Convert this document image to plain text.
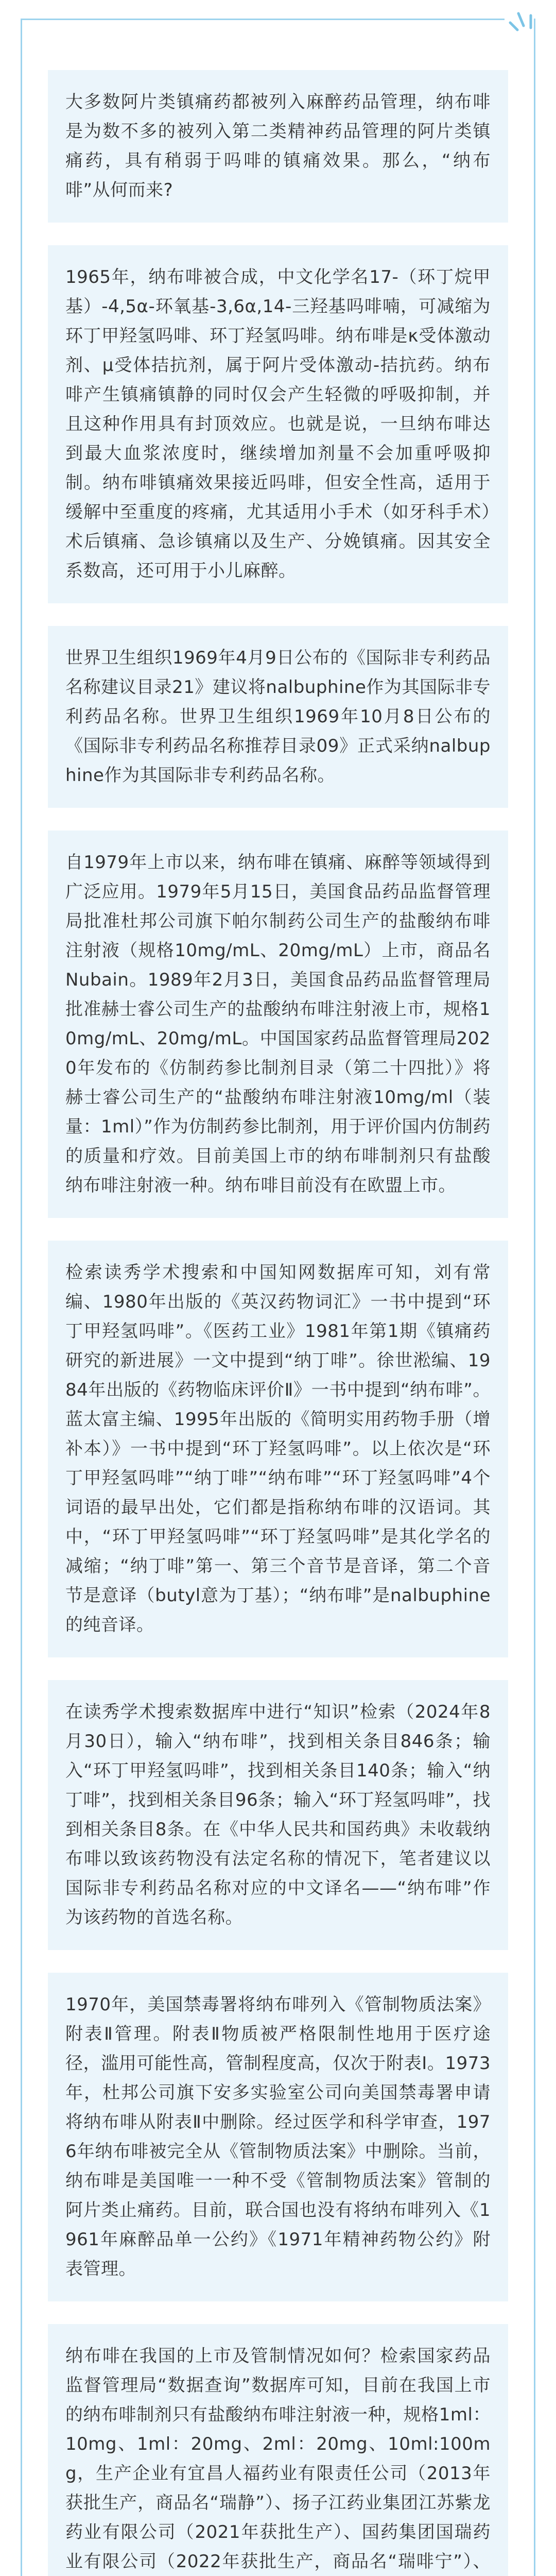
大多数阿片类镇痛药都被列入麻醉药品管理，纳布啡是为数不多的被列入第二类精神药品管理的阿片类镇痛药，具有稍弱于吗啡的镇痛效果。那么，“纳布啡”从何而来?

1965年，纳布啡被合成，中文化学名17-（环丁烷甲基）-4,5α-环氧基-3,6α,14-三羟基吗啡喃，可减缩为环丁甲羟氢吗啡、环丁羟氢吗啡。纳布啡是κ受体激动剂、μ受体拮抗剂，属于阿片受体激动-拮抗药。纳布啡产生镇痛镇静的同时仅会产生轻微的呼吸抑制，并且这种作用具有封顶效应。也就是说，一旦纳布啡达到最大血浆浓度时，继续增加剂量不会加重呼吸抑制。纳布啡镇痛效果接近吗啡，但安全性高，适用于缓解中至重度的疼痛，尤其适用小手术（如牙科手术）术后镇痛、急诊镇痛以及生产、分娩镇痛。因其安全系数高，还可用于小儿麻醉。

世界卫生组织1969年4月9日公布的《国际非专利药品名称建议目录21》建议将nalbuphine作为其国际非专利药品名称。世界卫生组织1969年10月8日公布的《国际非专利药品名称推荐目录09》正式采纳nalbuphine作为其国际非专利药品名称。

自1979年上市以来，纳布啡在镇痛、麻醉等领域得到广泛应用。1979年5月15日，美国食品药品监督管理局批准杜邦公司旗下帕尔制药公司生产的盐酸纳布啡注射液（规格10mg/mL、20mg/mL）上市，商品名Nubain。1989年2月3日，美国食品药品监督管理局批准赫士睿公司生产的盐酸纳布啡注射液上市，规格10mg/mL、20mg/mL。中国国家药品监督管理局2020年发布的《仿制药参比制剂目录（第二十四批）》将赫士睿公司生产的“盐酸纳布啡注射液10mg/ml（装量：1ml）”作为仿制药参比制剂，用于评价国内仿制药的质量和疗效。目前美国上市的纳布啡制剂只有盐酸纳布啡注射液一种。纳布啡目前没有在欧盟上市。

检索读秀学术搜索和中国知网数据库可知，刘有常编、1980年出版的《英汉药物词汇》一书中提到“环丁甲羟氢吗啡”。《医药工业》1981年第1期《镇痛药研究的新进展》一文中提到“纳丁啡”。徐世淞编、1984年出版的《药物临床评价Ⅱ》一书中提到“纳布啡”。蓝太富主编、1995年出版的《简明实用药物手册（增补本）》一书中提到“环丁羟氢吗啡”。以上依次是“环丁甲羟氢吗啡”“纳丁啡”“纳布啡”“环丁羟氢吗啡”4个词语的最早出处，它们都是指称纳布啡的汉语词。其中，“环丁甲羟氢吗啡”“环丁羟氢吗啡”是其化学名的减缩；“纳丁啡”第一、第三个音节是音译，第二个音节是意译（butyl意为丁基）；“纳布啡”是nalbuphine的纯音译。

在读秀学术搜索数据库中进行“知识”检索（2024年8月30日），输入“纳布啡”，找到相关条目846条；输入“环丁甲羟氢吗啡”，找到相关条目140条；输入“纳丁啡”，找到相关条目96条；输入“环丁羟氢吗啡”，找到相关条目8条。在《中华人民共和国药典》未收载纳布啡以致该药物没有法定名称的情况下，笔者建议以国际非专利药品名称对应的中文译名——“纳布啡”作为该药物的首选名称。

1970年，美国禁毒署将纳布啡列入《管制物质法案》附表Ⅱ管理。附表Ⅱ物质被严格限制性地用于医疗途径，滥用可能性高，管制程度高，仅次于附表Ⅰ。1973年，杜邦公司旗下安多实验室公司向美国禁毒署申请将纳布啡从附表Ⅱ中删除。经过医学和科学审查，1976年纳布啡被完全从《管制物质法案》中删除。当前，纳布啡是美国唯一一种不受《管制物质法案》管制的阿片类止痛药。目前，联合国也没有将纳布啡列入《1961年麻醉品单一公约》《1971年精神药物公约》附表管理。

纳布啡在我国的上市及管制情况如何？检索国家药品监督管理局“数据查询”数据库可知，目前在我国上市的纳布啡制剂只有盐酸纳布啡注射液一种，规格1ml：10mg、1ml：20mg、2ml：20mg、10ml:100mg，生产企业有宜昌人福药业有限责任公司（2013年获批生产，商品名“瑞静”）、扬子江药业集团江苏紫龙药业有限公司（2021年获批生产）、国药集团国瑞药业有限公司（2022年获批生产，商品名“瑞啡宁”）、
